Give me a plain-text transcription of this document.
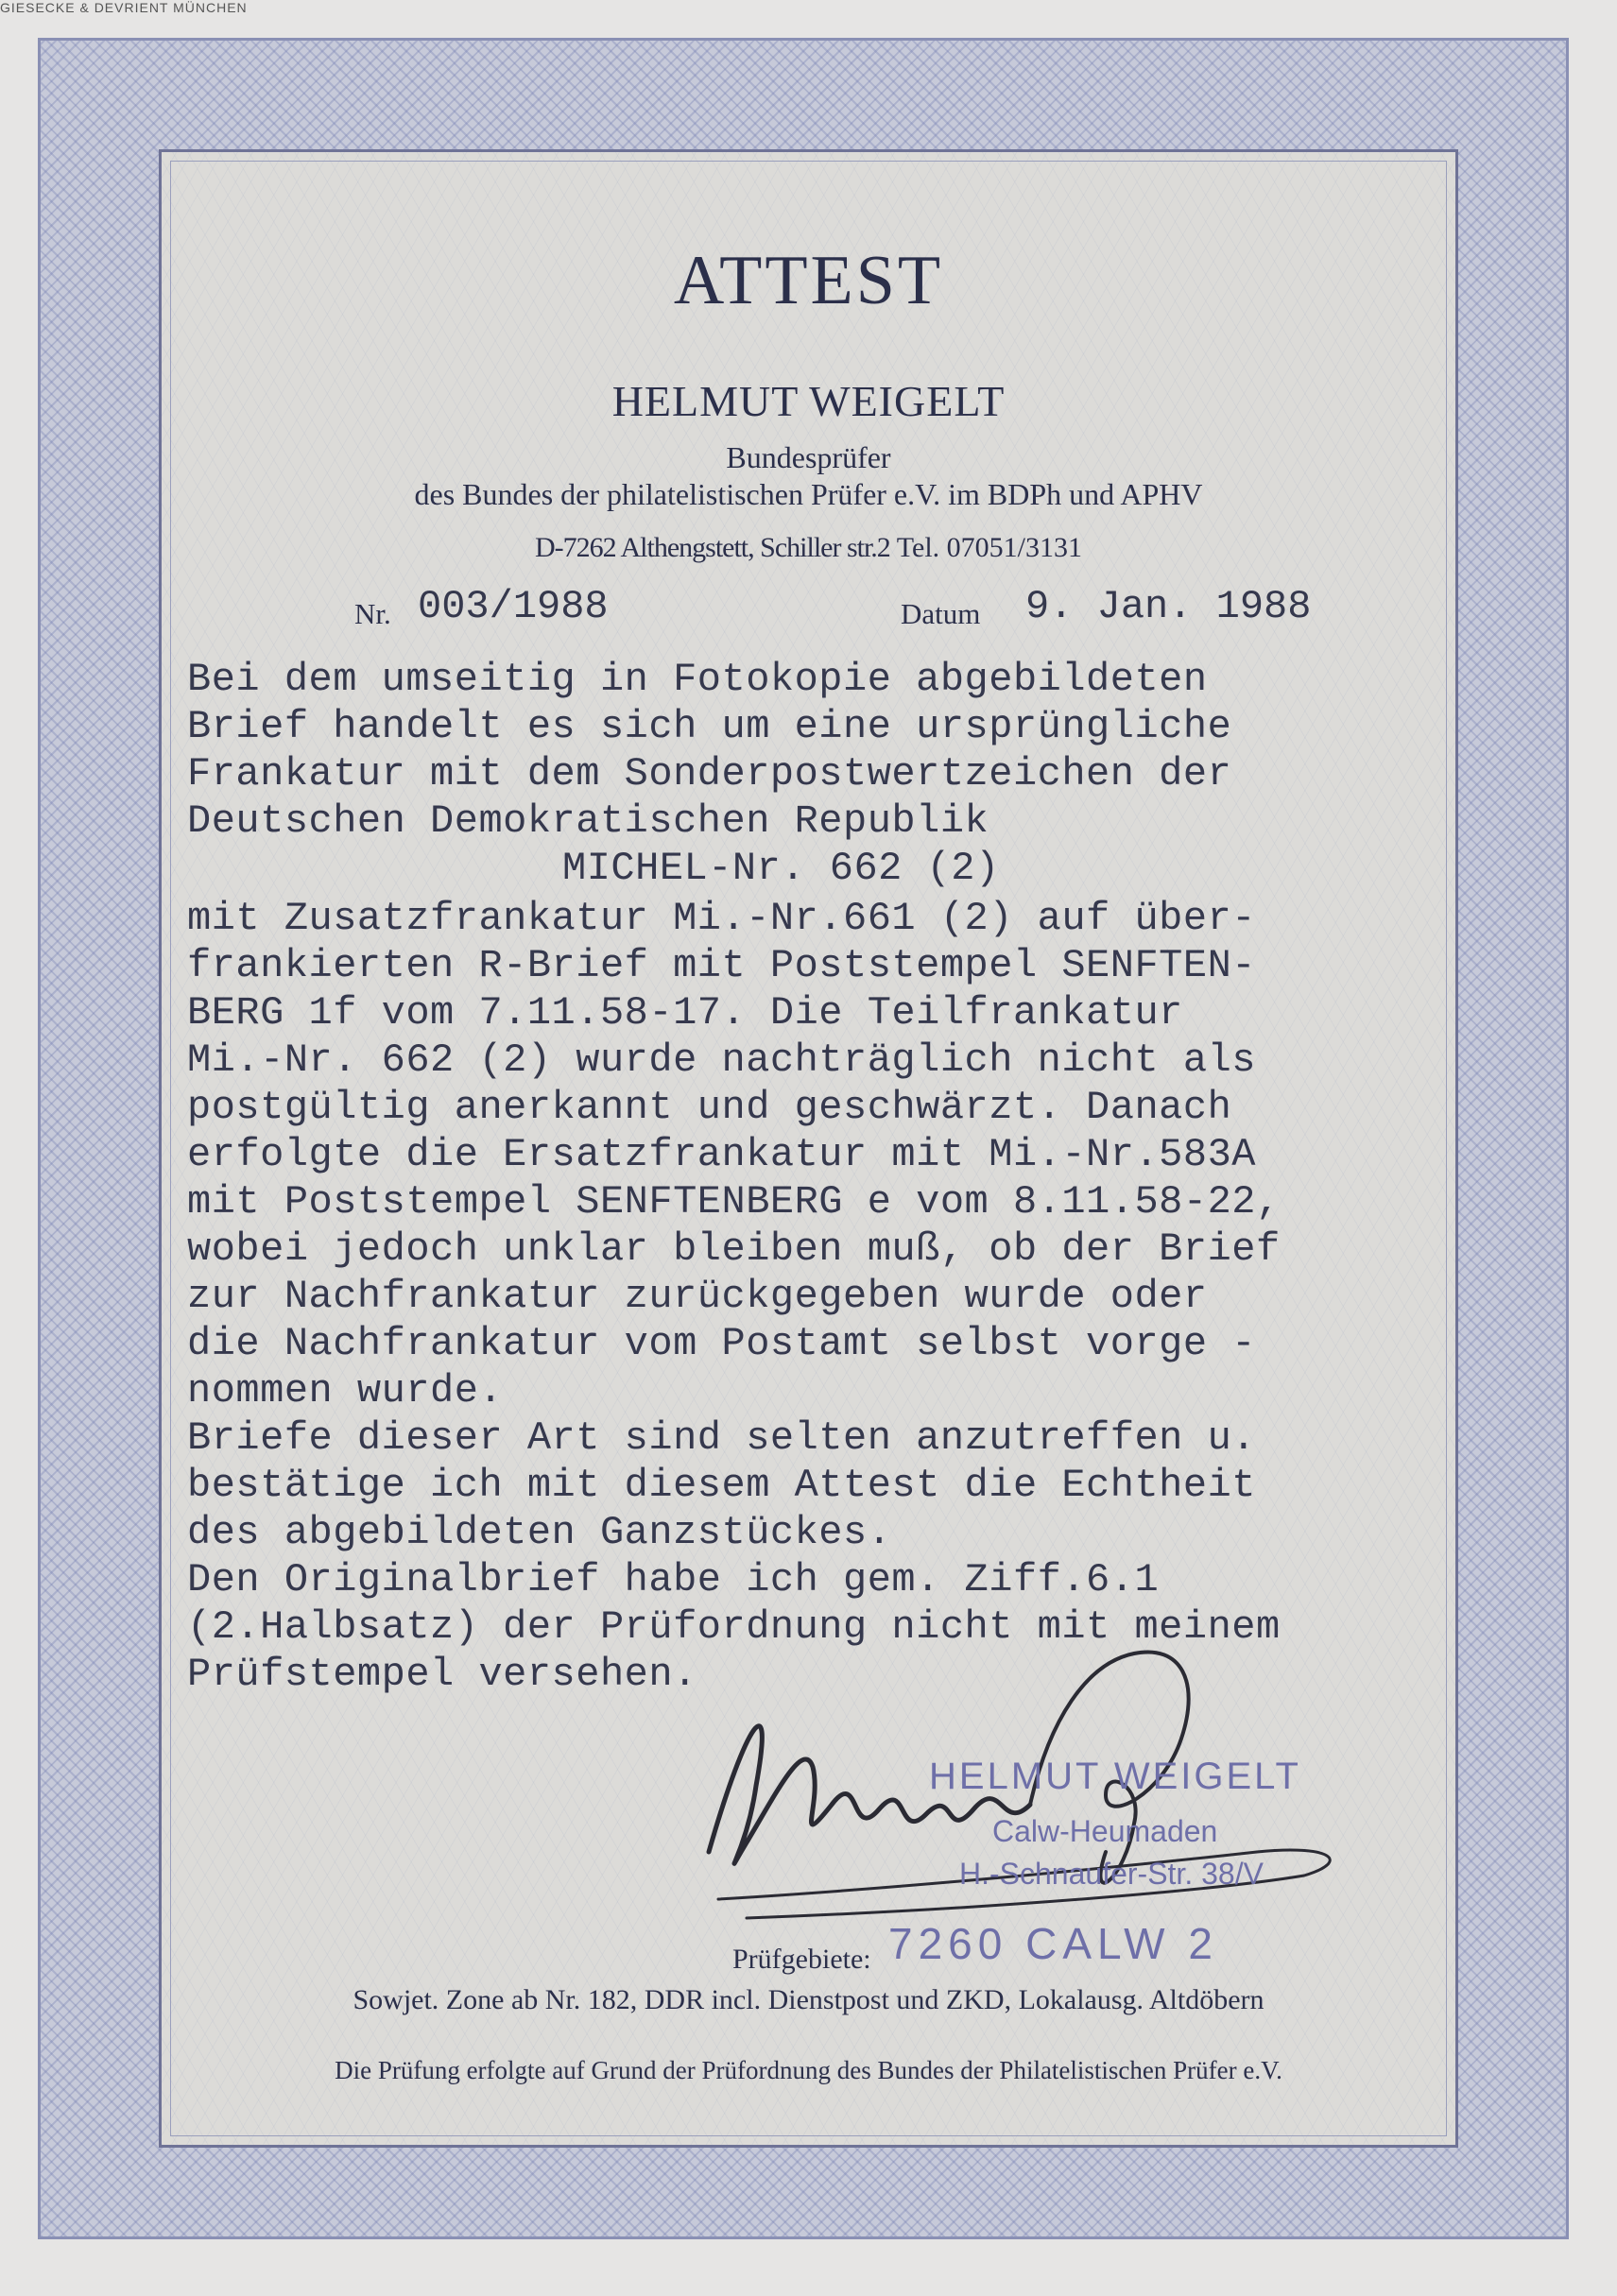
ATTEST
HELMUT WEIGELT
Bundesprüfer
des Bundes der philatelistischen Prüfer e.V. im BDPh und APHV
D-7262 Althengstett, Schiller str.2 Tel. 07051/3131
Nr. 003/1988	Datum 9. Jan. 1988
Bei dem umseitig in Fotokopie abgebildeten
Brief handelt es sich um eine ursprüngliche
Frankatur mit dem Sonderpostwertzeichen der
Deutschen Demokratischen Republik
MICHEL-Nr. 662 (2)
mit Zusatzfrankatur Mi.-Nr.661 (2) auf über-
frankierten R-Brief mit Poststempel SENFTEN-
BERG 1f vom 7.11.58-17. Die Teilfrankatur
Mi.-Nr. 662 (2) wurde nachträglich nicht als
postgültig anerkannt und geschwärzt. Danach
erfolgte die Ersatzfrankatur mit Mi.-Nr.583A
mit Poststempel SENFTENBERG e vom 8.11.58-22,
wobei jedoch unklar bleiben muß, ob der Brief
zur Nachfrankatur zurückgegeben wurde oder
die Nachfrankatur vom Postamt selbst vorge -
nommen wurde.
Briefe dieser Art sind selten anzutreffen u.
bestätige ich mit diesem Attest die Echtheit
des abgebildeten Ganzstückes.
Den Originalbrief habe ich gem. Ziff.6.1
(2.Halbsatz) der Prüfordnung nicht mit meinem
Prüfstempel versehen.
HELMUT WEIGELT
Calw-Heumaden
H.-Schnaufer-Str. 38/V
7260 CALW 2
Prüfgebiete:
Sowjet. Zone ab Nr. 182, DDR incl. Dienstpost und ZKD, Lokalausg. Altdöbern
Die Prüfung erfolgte auf Grund der Prüfordnung des Bundes der Philatelistischen Prüfer e.V.
GIESECKE & DEVRIENT MÜNCHEN
